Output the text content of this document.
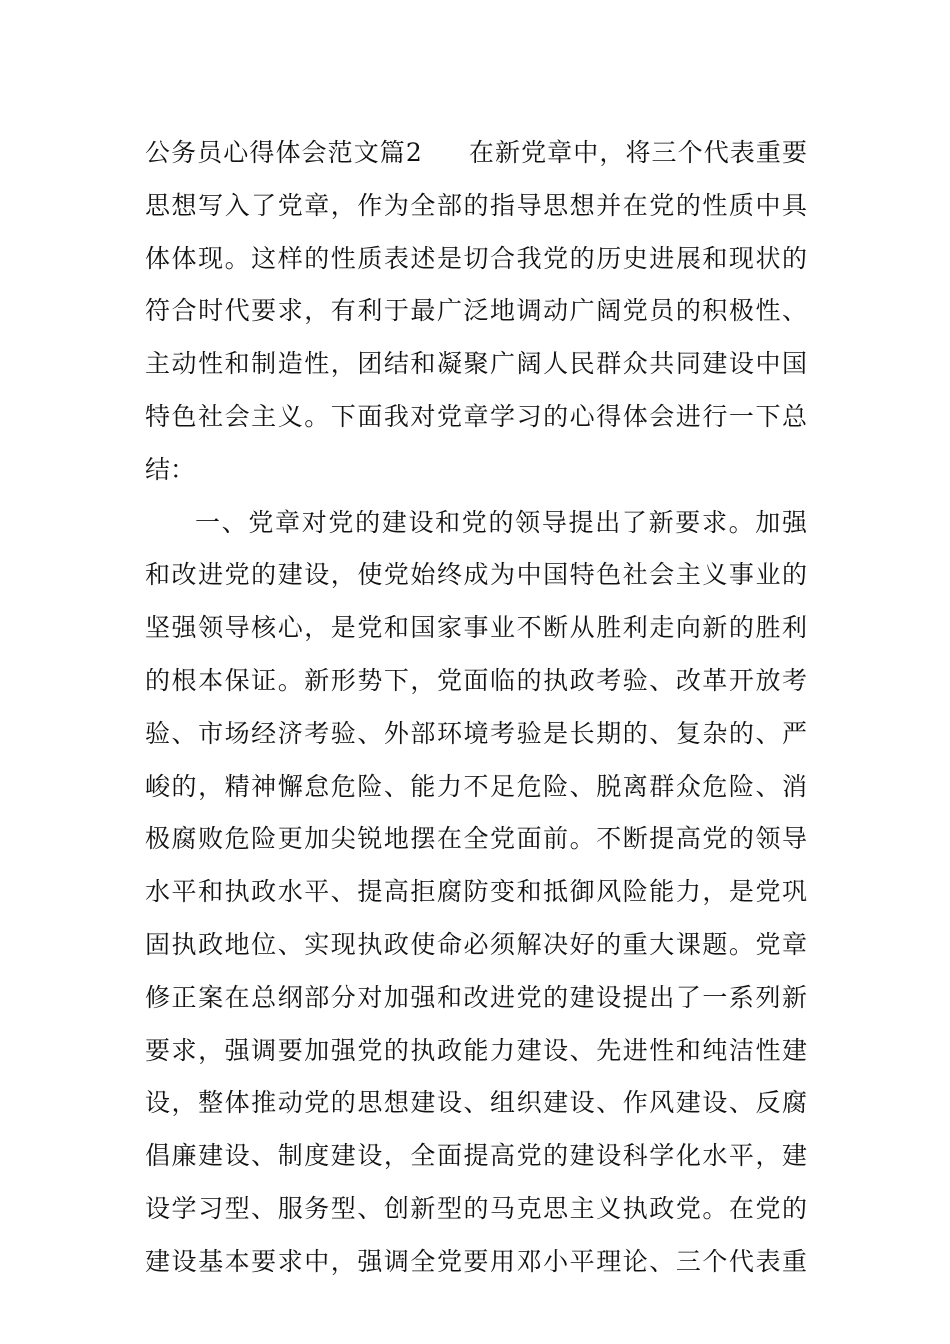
公务员心得体会范文篇2 在新党章中，将三个代表重要
思想写入了党章，作为全部的指导思想并在党的性质中具
体体现。这样的性质表述是切合我党的历史进展和现状的
符合时代要求，有利于最广泛地调动广阔党员的积极性、
主动性和制造性，团结和凝聚广阔人民群众共同建设中国
特色社会主义。下面我对党章学习的心得体会进行一下总
结：
一、党章对党的建设和党的领导提出了新要求。加强
和改进党的建设，使党始终成为中国特色社会主义事业的
坚强领导核心，是党和国家事业不断从胜利走向新的胜利
的根本保证。新形势下，党面临的执政考验、改革开放考
验、市场经济考验、外部环境考验是长期的、复杂的、严
峻的，精神懈怠危险、能力不足危险、脱离群众危险、消
极腐败危险更加尖锐地摆在全党面前。不断提高党的领导
水平和执政水平、提高拒腐防变和抵御风险能力，是党巩
固执政地位、实现执政使命必须解决好的重大课题。党章
修正案在总纲部分对加强和改进党的建设提出了一系列新
要求，强调要加强党的执政能力建设、先进性和纯洁性建
设，整体推动党的思想建设、组织建设、作风建设、反腐
倡廉建设、制度建设，全面提高党的建设科学化水平，建
设学习型、服务型、创新型的马克思主义执政党。在党的
建设基本要求中，强调全党要用邓小平理论、三个代表重
